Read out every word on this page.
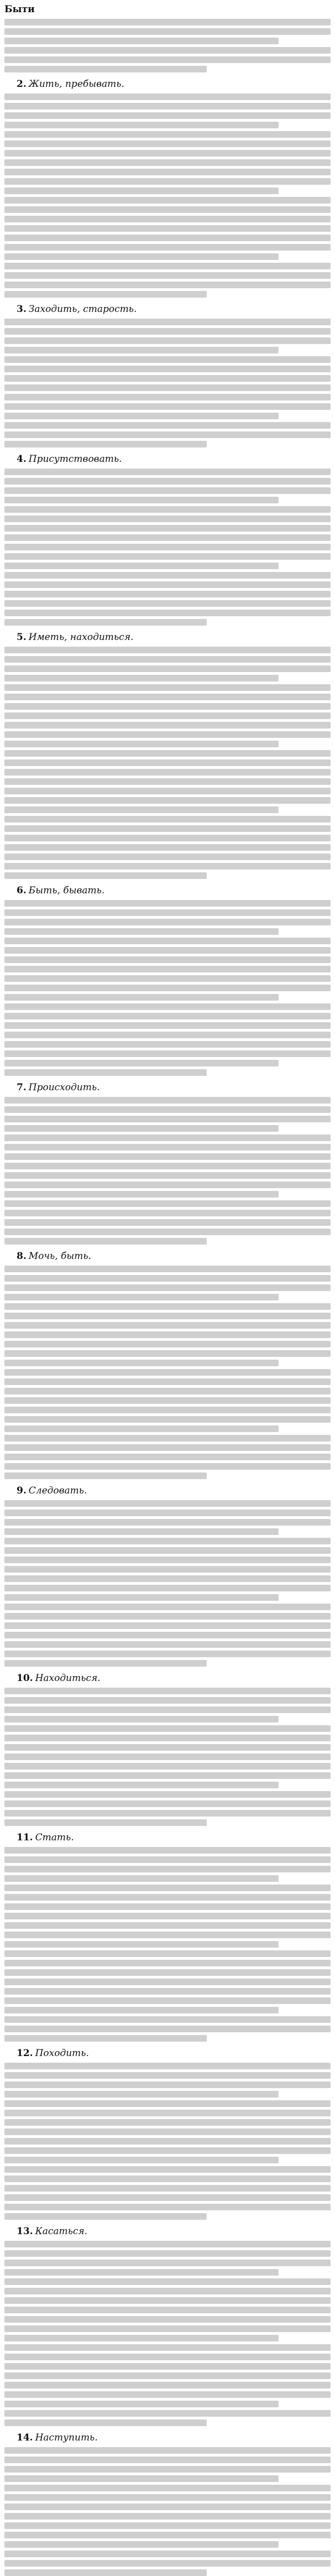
Быти
2. Жить, пребывать.
3. Заходить, старость.
4. Присутствовать.
5. Иметь, находиться.
6. Быть, бывать.
7. Происходить.
8. Мочь, быть.
9. Следовать.
10. Находиться.
11. Стать.
12. Походить.
13. Касаться.
14. Наступить.
